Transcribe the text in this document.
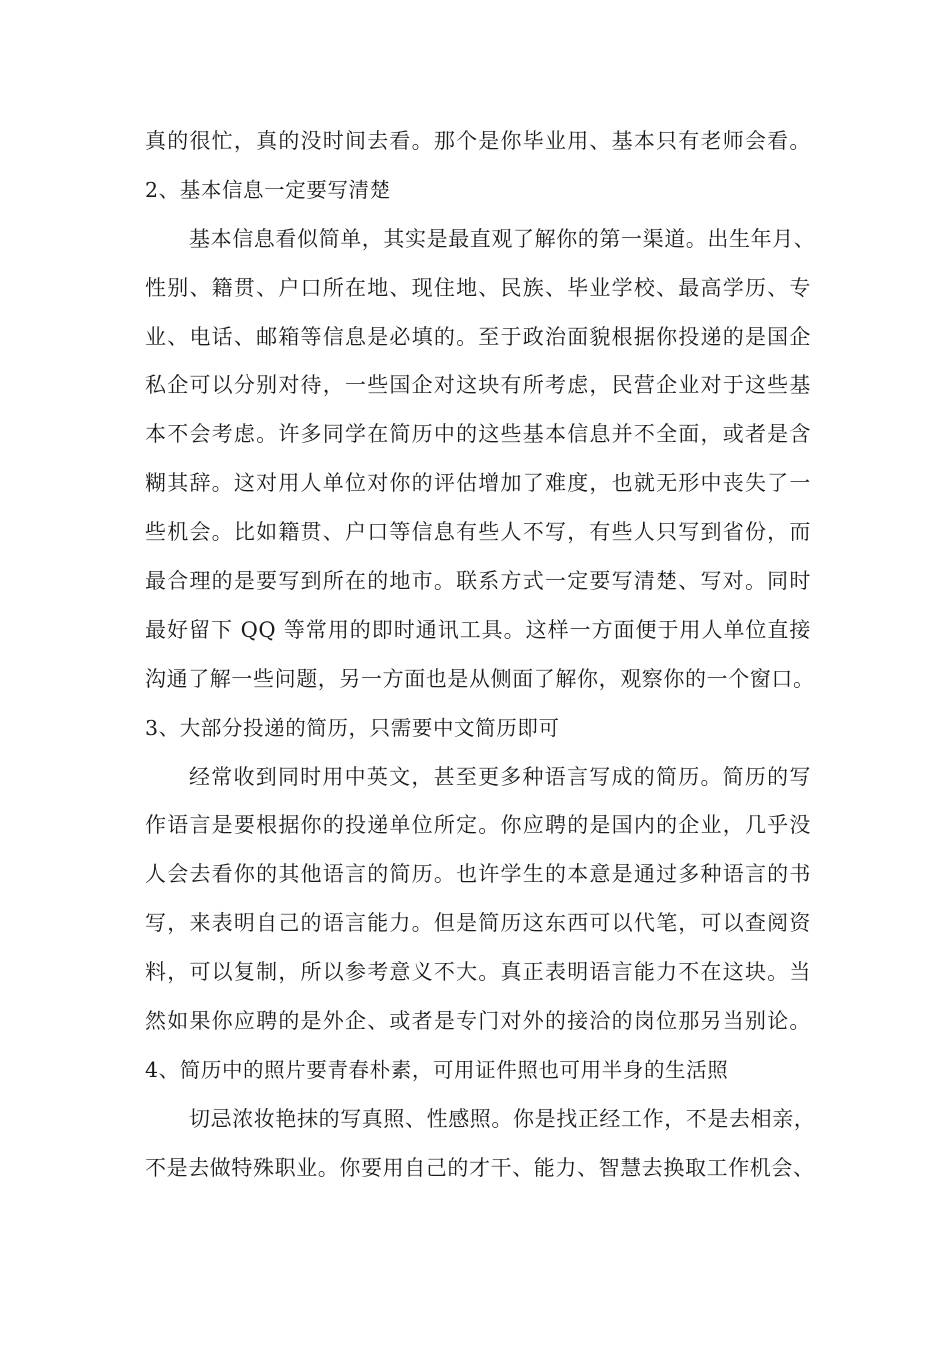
真的很忙，真的没时间去看。那个是你毕业用、基本只有老师会看。
2、基本信息一定要写清楚
基本信息看似简单，其实是最直观了解你的第一渠道。出生年月、
性别、籍贯、户口所在地、现住地、民族、毕业学校、最高学历、专
业、电话、邮箱等信息是必填的。至于政治面貌根据你投递的是国企
私企可以分别对待，一些国企对这块有所考虑，民营企业对于这些基
本不会考虑。许多同学在简历中的这些基本信息并不全面，或者是含
糊其辞。这对用人单位对你的评估增加了难度，也就无形中丧失了一
些机会。比如籍贯、户口等信息有些人不写，有些人只写到省份，而
最合理的是要写到所在的地市。联系方式一定要写清楚、写对。同时
最好留下 QQ 等常用的即时通讯工具。这样一方面便于用人单位直接
沟通了解一些问题，另一方面也是从侧面了解你，观察你的一个窗口。
3、大部分投递的简历，只需要中文简历即可
经常收到同时用中英文，甚至更多种语言写成的简历。简历的写
作语言是要根据你的投递单位所定。你应聘的是国内的企业，几乎没
人会去看你的其他语言的简历。也许学生的本意是通过多种语言的书
写，来表明自己的语言能力。但是简历这东西可以代笔，可以查阅资
料，可以复制，所以参考意义不大。真正表明语言能力不在这块。当
然如果你应聘的是外企、或者是专门对外的接洽的岗位那另当别论。
4、简历中的照片要青春朴素，可用证件照也可用半身的生活照
切忌浓妆艳抹的写真照、性感照。你是找正经工作，不是去相亲，
不是去做特殊职业。你要用自己的才干、能力、智慧去换取工作机会、
